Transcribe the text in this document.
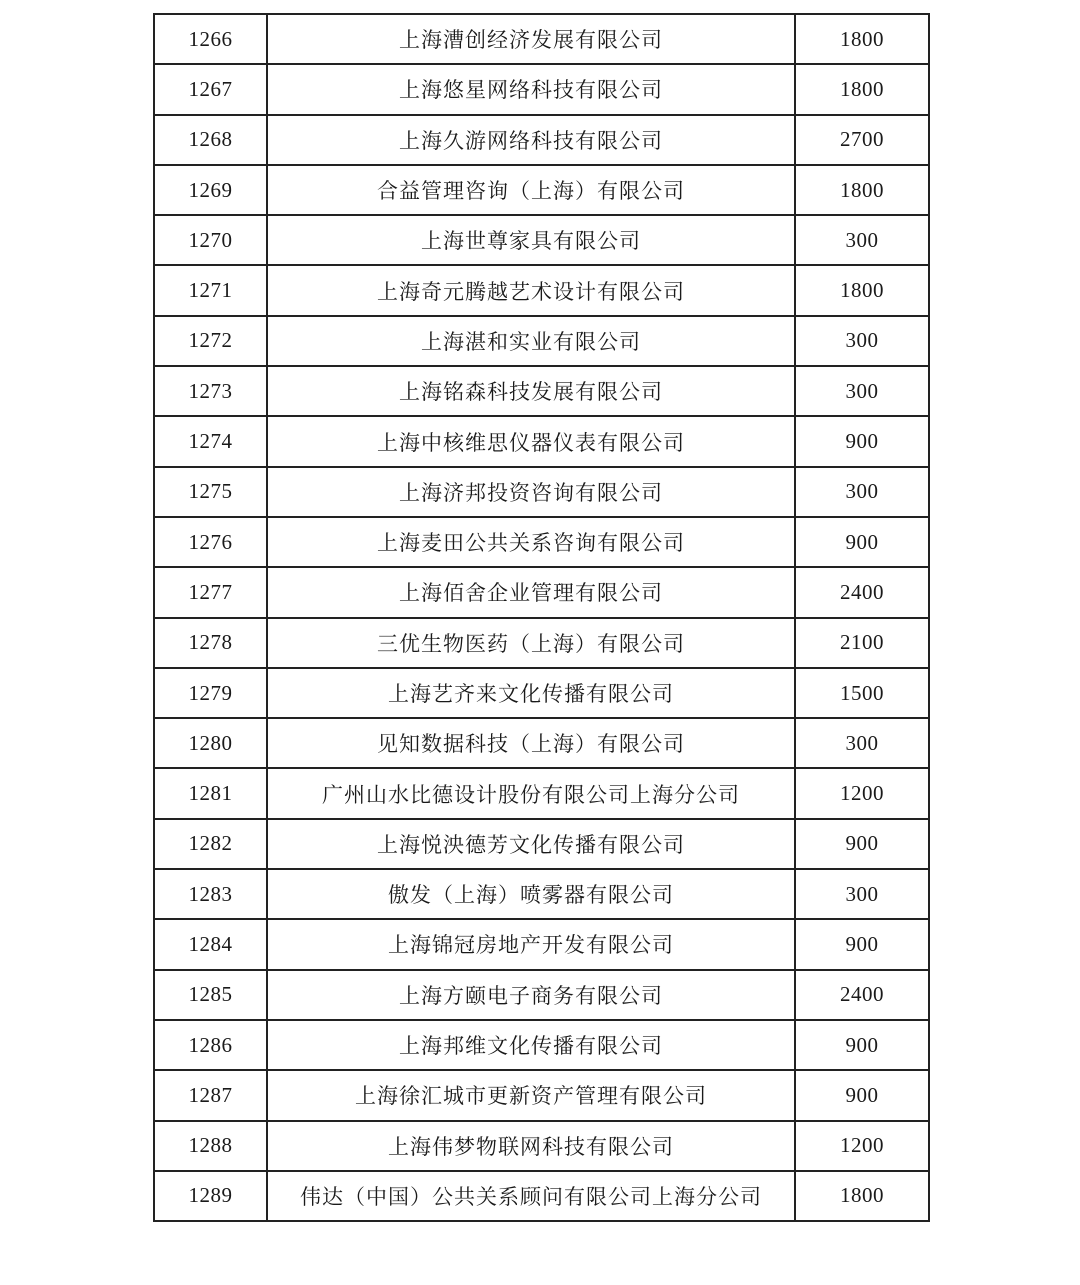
1266	上海漕创经济发展有限公司	1800
1267	上海悠星网络科技有限公司	1800
1268	上海久游网络科技有限公司	2700
1269	合益管理咨询（上海）有限公司	1800
1270	上海世尊家具有限公司	300
1271	上海奇元腾越艺术设计有限公司	1800
1272	上海湛和实业有限公司	300
1273	上海铭森科技发展有限公司	300
1274	上海中核维思仪器仪表有限公司	900
1275	上海济邦投资咨询有限公司	300
1276	上海麦田公共关系咨询有限公司	900
1277	上海佰舍企业管理有限公司	2400
1278	三优生物医药（上海）有限公司	2100
1279	上海艺齐来文化传播有限公司	1500
1280	见知数据科技（上海）有限公司	300
1281	广州山水比德设计股份有限公司上海分公司	1200
1282	上海悦泱德芳文化传播有限公司	900
1283	傲发（上海）喷雾器有限公司	300
1284	上海锦冠房地产开发有限公司	900
1285	上海方颐电子商务有限公司	2400
1286	上海邦维文化传播有限公司	900
1287	上海徐汇城市更新资产管理有限公司	900
1288	上海伟梦物联网科技有限公司	1200
1289	伟达（中国）公共关系顾问有限公司上海分公司	1800
